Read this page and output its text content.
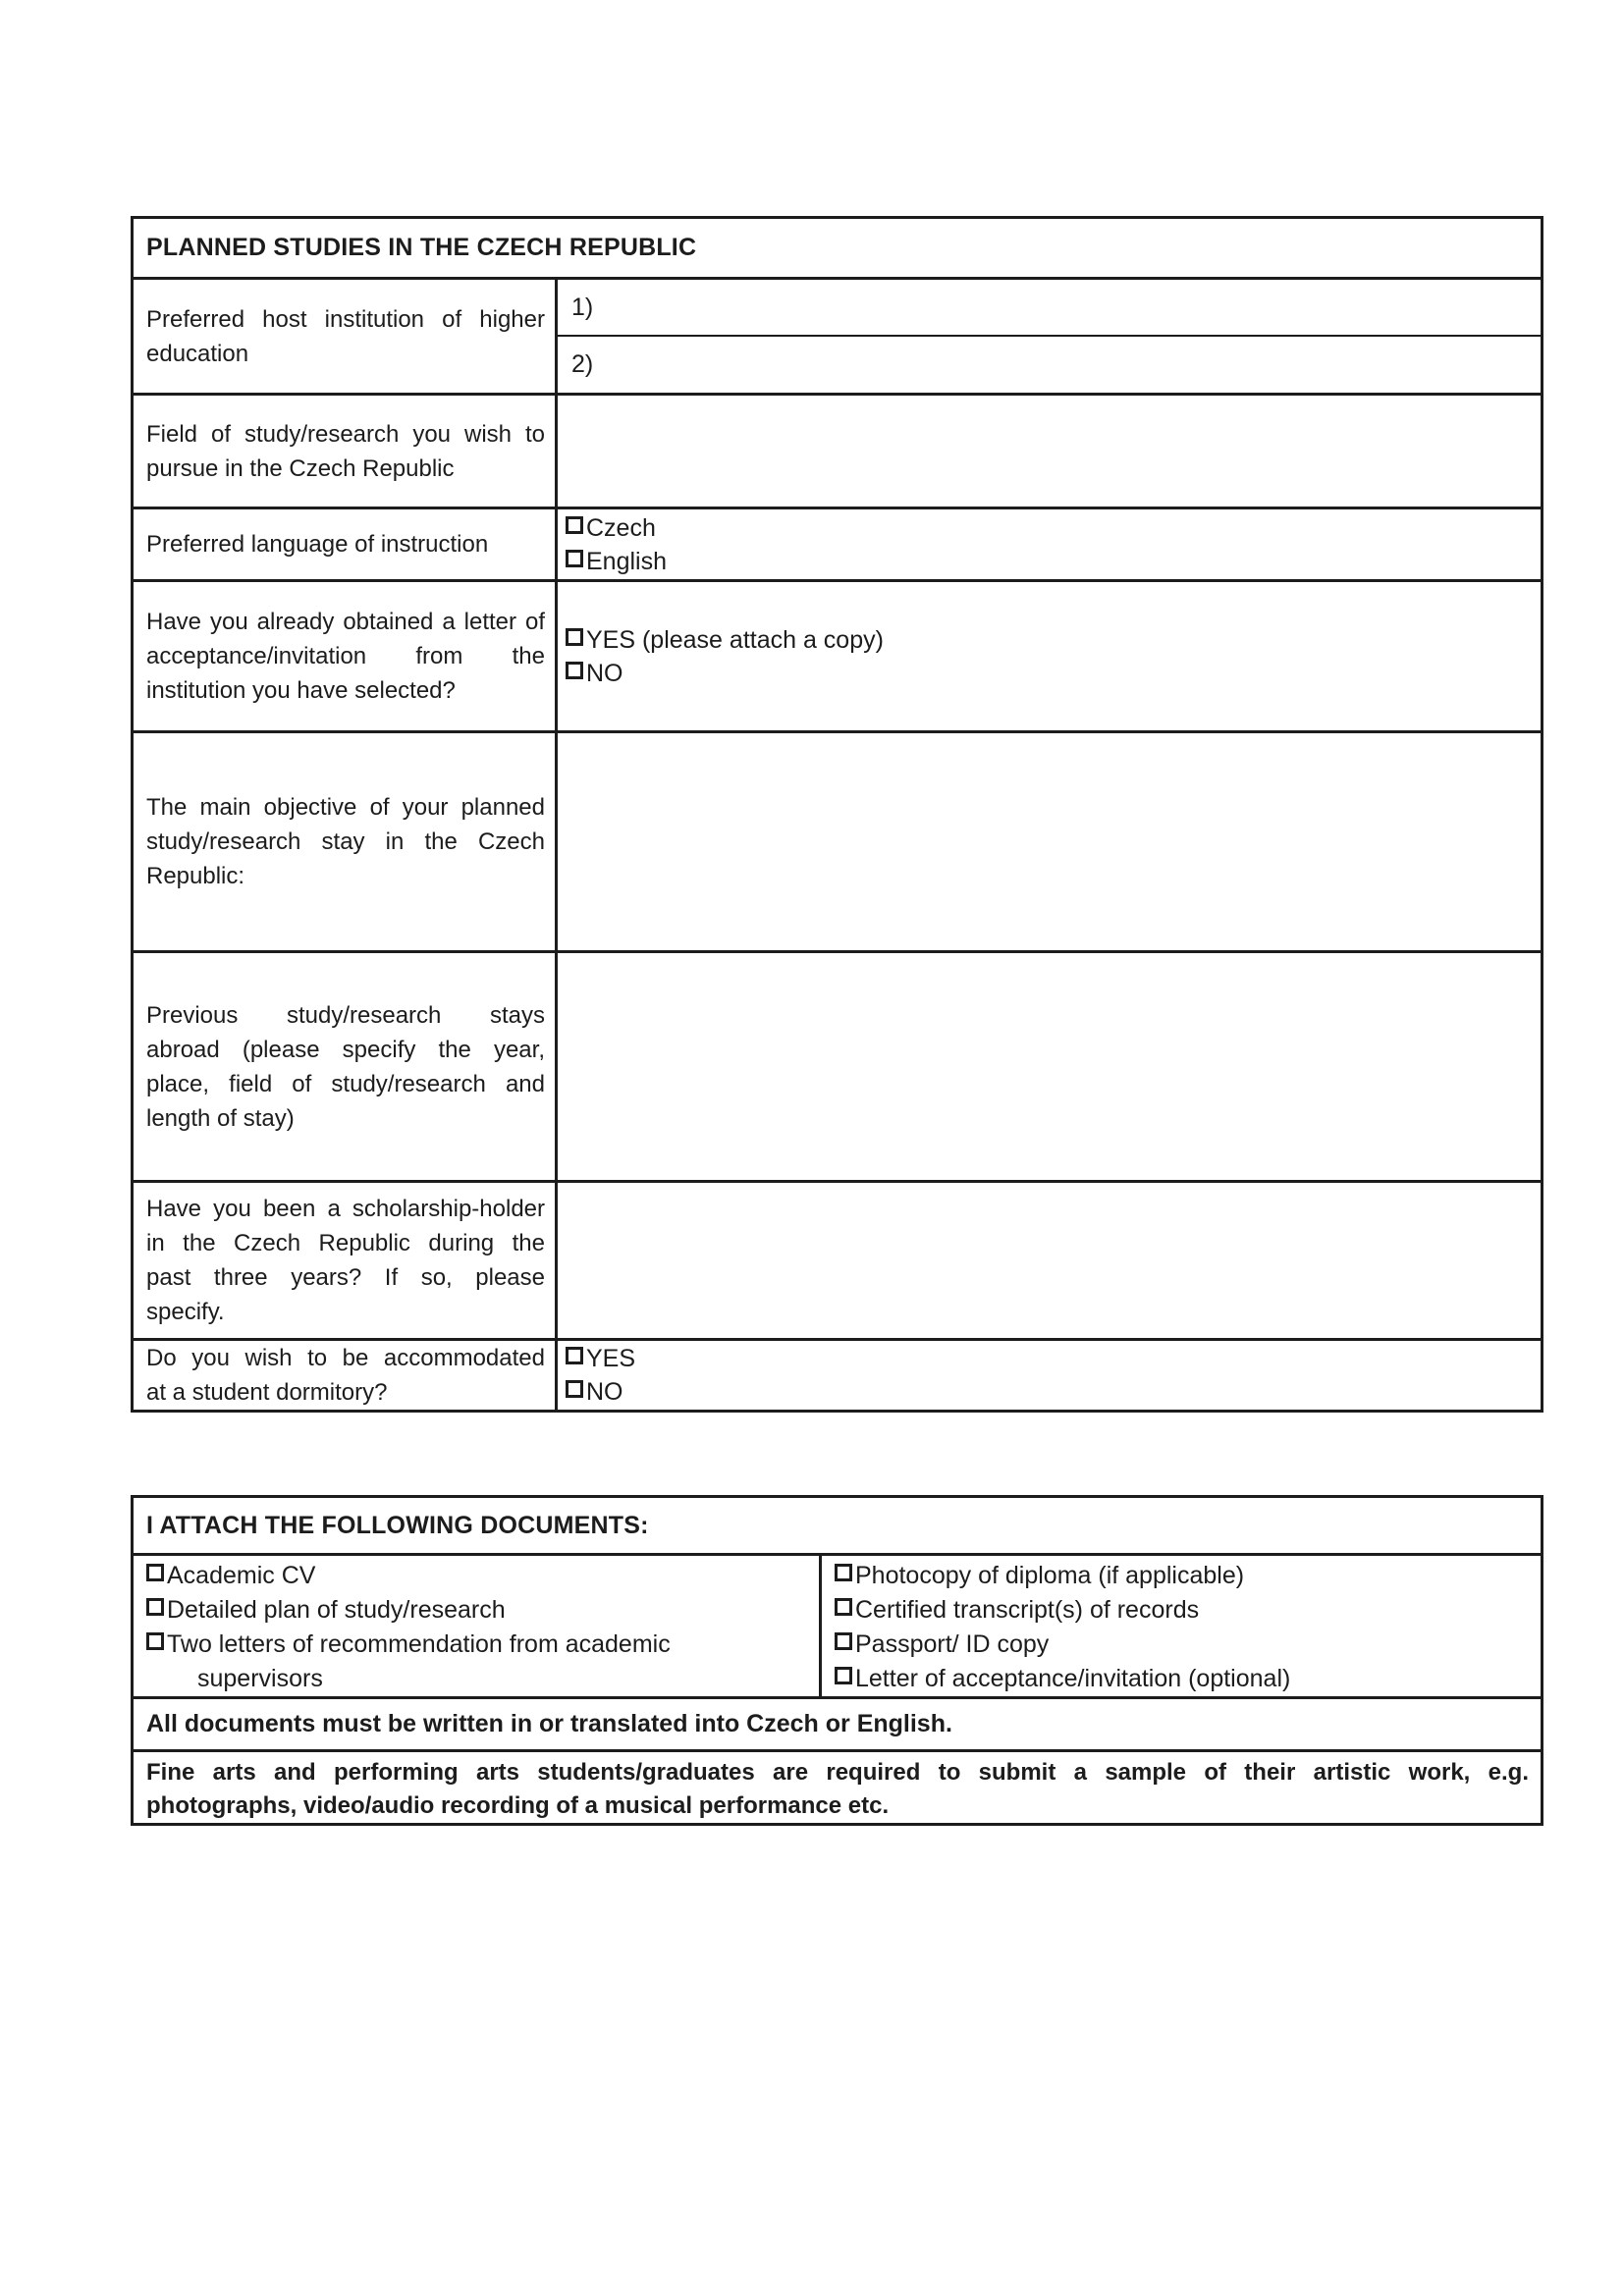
PLANNED STUDIES IN THE CZECH REPUBLIC
Preferred host institution of higher
education
1)
2)
Field of study/research you wish to
pursue in the Czech Republic
Preferred language of instruction
Czech
English
Have you already obtained a letter of
acceptance/invitation from the
institution you have selected?
YES (please attach a copy)
NO
The main objective of your planned
study/research stay in the Czech
Republic:
Previous study/research stays
abroad (please specify the year,
place, field of study/research and
length of stay)
Have you been a scholarship-holder
in the Czech Republic during the
past three years? If so, please
specify.
Do you wish to be accommodated
at a student dormitory?
YES
NO
I ATTACH THE FOLLOWING DOCUMENTS:
Academic CV
Detailed plan of study/research
Two letters of recommendation from academic
supervisors
Photocopy of diploma (if applicable)
Certified transcript(s) of records
Passport/ ID copy
Letter of acceptance/invitation (optional)
All documents must be written in or translated into Czech or English.
Fine arts and performing arts students/graduates are required to submit a sample of their artistic work, e.g.
photographs, video/audio recording of a musical performance etc.
